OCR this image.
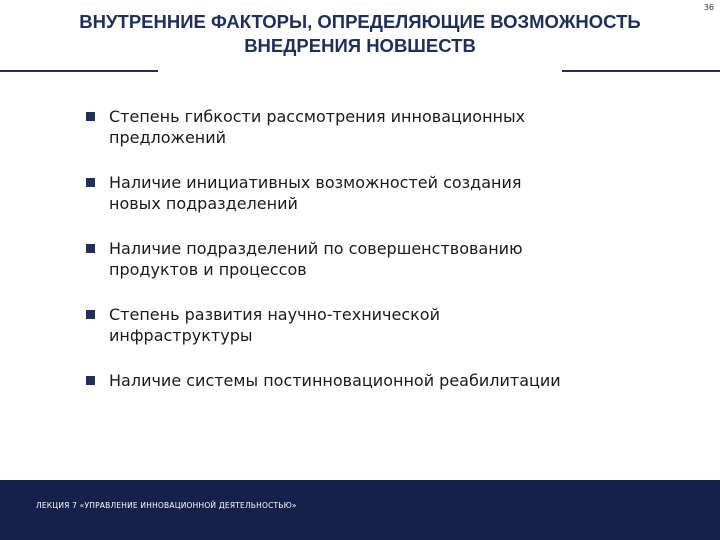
36
ВНУТРЕННИЕ ФАКТОРЫ, ОПРЕДЕЛЯЮЩИЕ ВОЗМОЖНОСТЬ
ВНЕДРЕНИЯ НОВШЕСТВ
Степень гибкости рассмотрения инновационных
предложений
Наличие инициативных возможностей создания
новых подразделений
Наличие подразделений по совершенствованию
продуктов и процессов
Степень развития научно-технической
инфраструктуры
Наличие системы постинновационной реабилитации
ЛЕКЦИЯ 7 «УПРАВЛЕНИЕ ИННОВАЦИОННОЙ ДЕЯТЕЛЬНОСТЬЮ»
